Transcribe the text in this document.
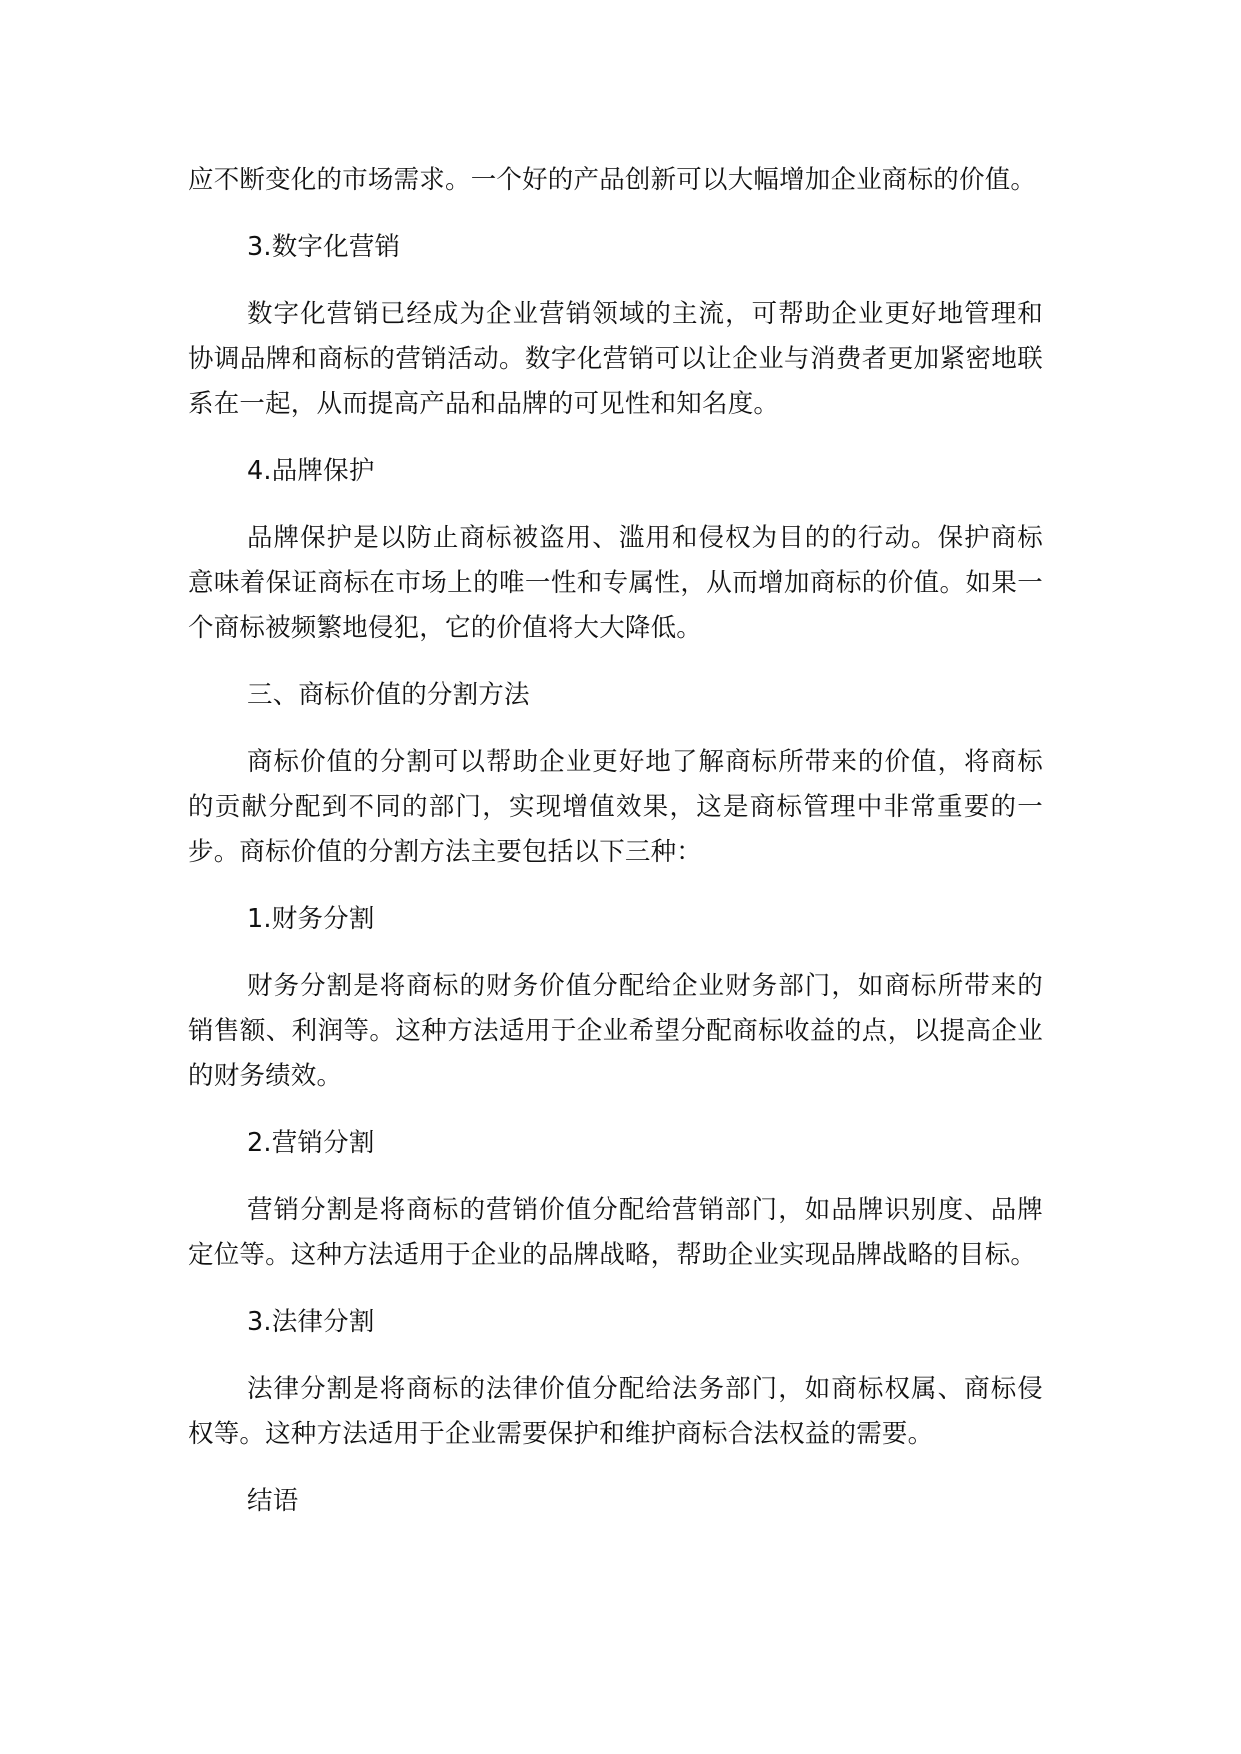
应不断变化的市场需求。一个好的产品创新可以大幅增加企业商标的价值。

3.数字化营销

数字化营销已经成为企业营销领域的主流，可帮助企业更好地管理和协调品牌和商标的营销活动。数字化营销可以让企业与消费者更加紧密地联系在一起，从而提高产品和品牌的可见性和知名度。

4.品牌保护

品牌保护是以防止商标被盗用、滥用和侵权为目的的行动。保护商标意味着保证商标在市场上的唯一性和专属性，从而增加商标的价值。如果一个商标被频繁地侵犯，它的价值将大大降低。

三、商标价值的分割方法

商标价值的分割可以帮助企业更好地了解商标所带来的价值，将商标的贡献分配到不同的部门，实现增值效果，这是商标管理中非常重要的一步。商标价值的分割方法主要包括以下三种：

1.财务分割

财务分割是将商标的财务价值分配给企业财务部门，如商标所带来的销售额、利润等。这种方法适用于企业希望分配商标收益的点，以提高企业的财务绩效。

2.营销分割

营销分割是将商标的营销价值分配给营销部门，如品牌识别度、品牌定位等。这种方法适用于企业的品牌战略，帮助企业实现品牌战略的目标。

3.法律分割

法律分割是将商标的法律价值分配给法务部门，如商标权属、商标侵权等。这种方法适用于企业需要保护和维护商标合法权益的需要。

结语
